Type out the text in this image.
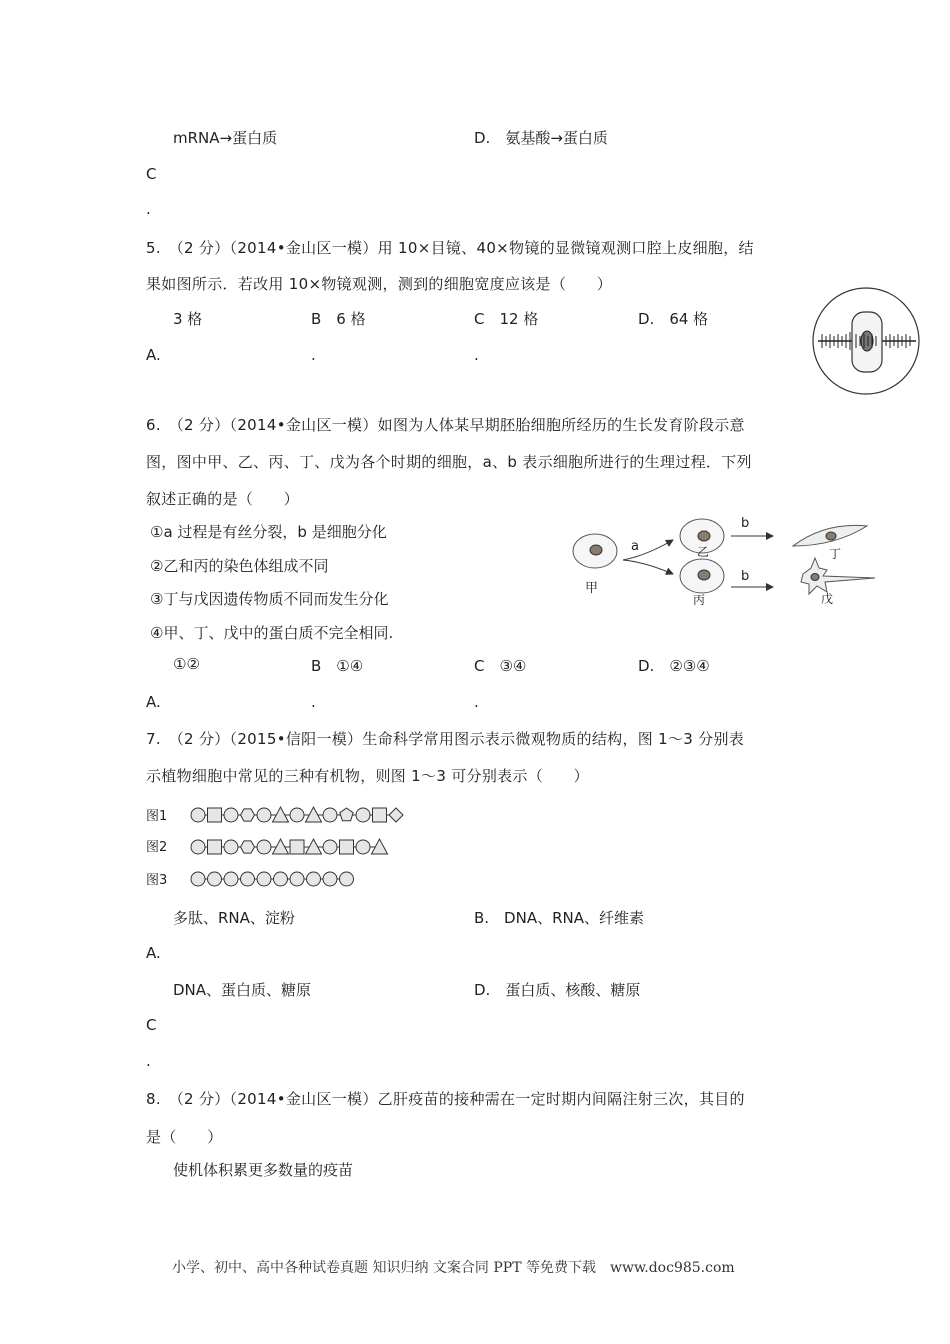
mRNA→蛋白质	D.　氨基酸→蛋白质
C
.
5.　（2 分）（2014•金山区一模）用 10×目镜、40×物镜的显微镜观测口腔上皮细胞，结
果如图所示．若改用 10×物镜观测，测到的细胞宽度应该是（　　）
3 格	B　6 格	C　12 格	D.　64 格
A.	.	.
6.　（2 分）（2014•金山区一模）如图为人体某早期胚胎细胞所经历的生长发育阶段示意
图，图中甲、乙、丙、丁、戊为各个时期的细胞，a、b 表示细胞所进行的生理过程．下列
叙述正确的是（　　）
①a 过程是有丝分裂，b 是细胞分化
②乙和丙的染色体组成不同
③丁与戊因遗传物质不同而发生分化
④甲、丁、戊中的蛋白质不完全相同.
①②	B　①④	C　③④	D.　②③④
A.	.	.
甲
a	乙
丙
b
b
丁
戊
7.　（2 分）（2015•信阳一模）生命科学常用图示表示微观物质的结构，图 1～3 分别表
示植物细胞中常见的三种有机物，则图 1～3 可分别表示（　　）
图1
图2
图3
多肽、RNA、淀粉	B.　DNA、RNA、纤维素
A.
DNA、蛋白质、糖原	D.　蛋白质、核酸、糖原
C
.
8.　（2 分）（2014•金山区一模）乙肝疫苗的接种需在一定时期内间隔注射三次，其目的
是（　　）
使机体积累更多数量的疫苗
小学、初中、高中各种试卷真题 知识归纳 文案合同 PPT 等免费下载　www.doc985.com
